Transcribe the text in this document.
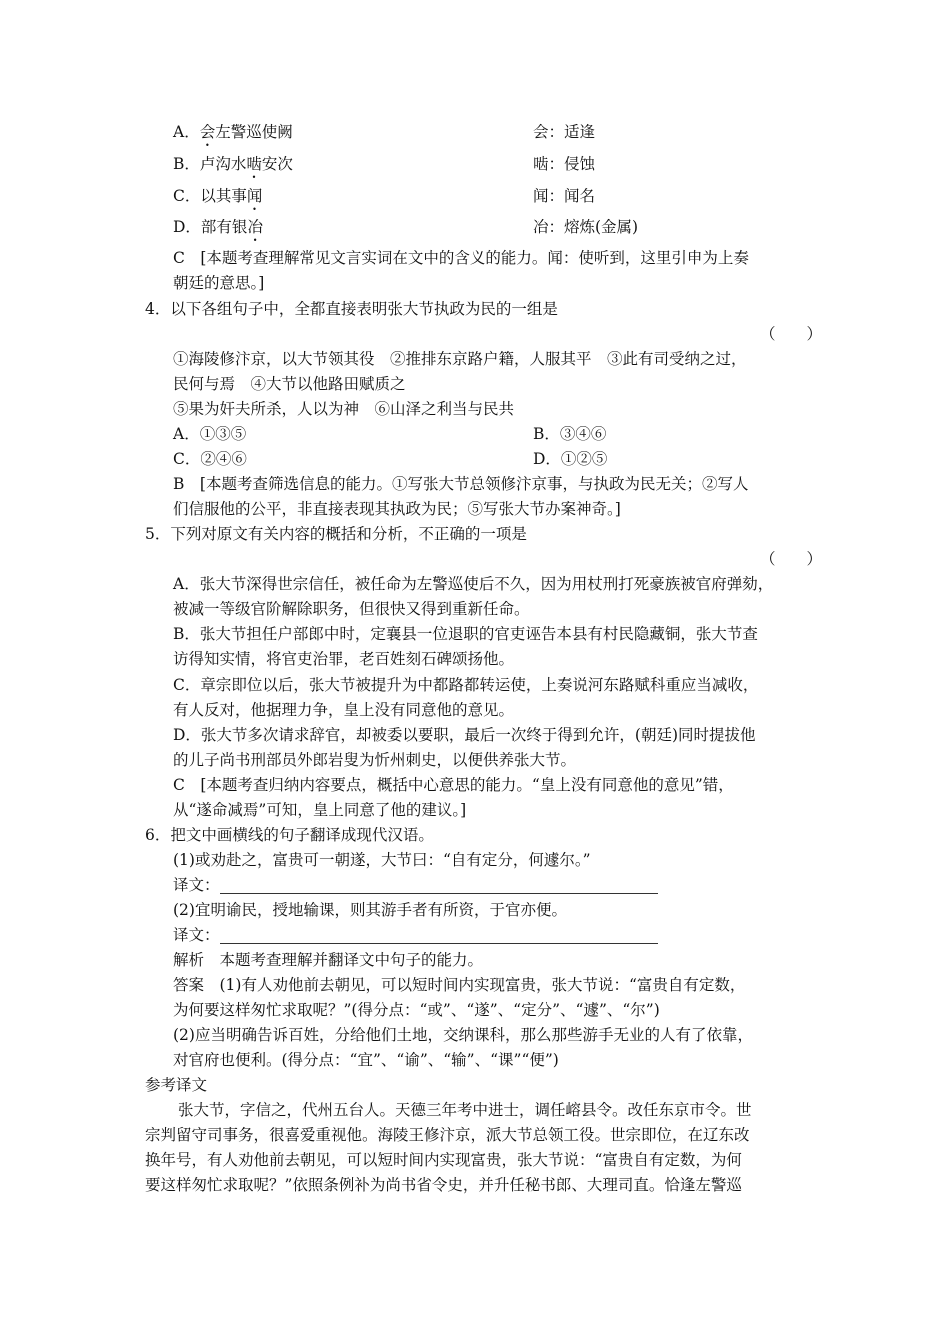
A．会左警巡使阙	会：适逢
B．卢沟水啮安次	啮：侵蚀
C．以其事闻	闻：闻名
D．部有银冶	冶：熔炼(金属)
C　[本题考查理解常见文言实词在文中的含义的能力。闻：使听到，这里引申为上奏
朝廷的意思。]
4．以下各组句子中，全都直接表明张大节执政为民的一组是
（　　）
①海陵修汴京，以大节领其役　②推排东京路户籍，人服其平　③此有司受纳之过，
民何与焉　④大节以他路田赋质之
⑤果为奸夫所杀，人以为神　⑥山泽之利当与民共
A．①③⑤	B．③④⑥
C．②④⑥	D．①②⑤
B　[本题考查筛选信息的能力。①写张大节总领修汴京事，与执政为民无关；②写人
们信服他的公平，非直接表现其执政为民；⑤写张大节办案神奇。]
5．下列对原文有关内容的概括和分析，不正确的一项是
（　　）
A．张大节深得世宗信任，被任命为左警巡使后不久，因为用杖刑打死豪族被官府弹劾，
被减一等级官阶解除职务，但很快又得到重新任命。
B．张大节担任户部郎中时，定襄县一位退职的官吏诬告本县有村民隐藏铜，张大节查
访得知实情，将官吏治罪，老百姓刻石碑颂扬他。
C．章宗即位以后，张大节被提升为中都路都转运使，上奏说河东路赋科重应当减收，
有人反对，他据理力争，皇上没有同意他的意见。
D．张大节多次请求辞官，却被委以要职，最后一次终于得到允许，(朝廷)同时提拔他
的儿子尚书刑部员外郎岩叟为忻州刺史，以便供养张大节。
C　[本题考查归纳内容要点，概括中心意思的能力。“皇上没有同意他的意见”错，
从“遂命减焉”可知，皇上同意了他的建议。]
6．把文中画横线的句子翻译成现代汉语。
(1)或劝赴之，富贵可一朝遂，大节曰：“自有定分，何遽尔。”
译文：
(2)宜明谕民，授地输课，则其游手者有所资，于官亦便。
译文：
解析　本题考查理解并翻译文中句子的能力。
答案　(1)有人劝他前去朝见，可以短时间内实现富贵，张大节说：“富贵自有定数，
为何要这样匆忙求取呢？”(得分点：“或”、“遂”、“定分”、“遽”、“尔”)
(2)应当明确告诉百姓，分给他们土地，交纳课科，那么那些游手无业的人有了依靠，
对官府也便利。(得分点：“宜”、“谕”、“输”、“课”“便”)
参考译文
张大节，字信之，代州五台人。天德三年考中进士，调任嵱县令。改任东京市令。世
宗判留守司事务，很喜爱重视他。海陵王修汴京，派大节总领工役。世宗即位，在辽东改
换年号，有人劝他前去朝见，可以短时间内实现富贵，张大节说：“富贵自有定数，为何
要这样匆忙求取呢？”依照条例补为尚书省令史，并升任秘书郎、大理司直。恰逢左警巡
